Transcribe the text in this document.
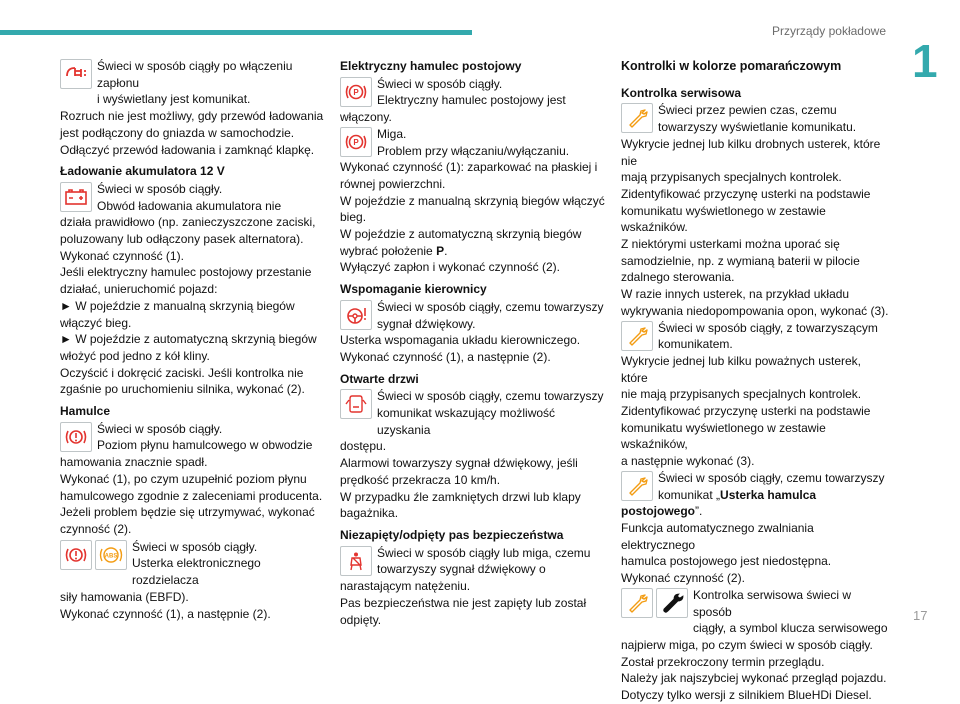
Przyrządy pokładowe
1
17
Świeci w sposób ciągły po włączeniu zapłonu
i wyświetlany jest komunikat.

Rozruch nie jest możliwy, gdy przewód ładowania

jest podłączony do gniazda w samochodzie.

Odłączyć przewód ładowania i zamknąć klapkę.

Ładowanie akumulatora 12 V
Świeci w sposób ciągły.
Obwód ładowania akumulatora nie

działa prawidłowo (np. zanieczyszczone zaciski,

poluzowany lub odłączony pasek alternatora).

Wykonać czynność (1).

Jeśli elektryczny hamulec postojowy przestanie

działać, unieruchomić pojazd:

► W pojeździe z manualną skrzynią biegów

włączyć bieg.

► W pojeździe z automatyczną skrzynią biegów

włożyć pod jedno z kół kliny.

Oczyścić i dokręcić zaciski. Jeśli kontrolka nie

zgaśnie po uruchomieniu silnika, wykonać (2).

Hamulce
Świeci w sposób ciągły.
Poziom płynu hamulcowego w obwodzie

hamowania znacznie spadł.

Wykonać (1), po czym uzupełnić poziom płynu

hamulcowego zgodnie z zaleceniami producenta.

Jeżeli problem będzie się utrzymywać, wykonać

czynność (2).

ABS
Świeci w sposób ciągły.
Usterka elektronicznego rozdzielacza

siły hamowania (EBFD).

Wykonać czynność (1), a następnie (2).

Elektryczny hamulec postojowy
P
Świeci w sposób ciągły.
Elektryczny hamulec postojowy jest

włączony.

P
Miga.
Problem przy włączaniu/wyłączaniu.

Wykonać czynność (1): zaparkować na płaskiej i

równej powierzchni.

W pojeździe z manualną skrzynią biegów włączyć

bieg.

W pojeździe z automatyczną skrzynią biegów

wybrać położenie P.

Wyłączyć zapłon i wykonać czynność (2).

Wspomaganie kierownicy
Świeci w sposób ciągły, czemu towarzyszy
sygnał dźwiękowy.

Usterka wspomagania układu kierowniczego.

Wykonać czynność (1), a następnie (2).

Otwarte drzwi
Świeci w sposób ciągły, czemu towarzyszy
komunikat wskazujący możliwość uzyskania

dostępu.

Alarmowi towarzyszy sygnał dźwiękowy, jeśli

prędkość przekracza 10 km/h.

W przypadku źle zamkniętych drzwi lub klapy

bagażnika.

Niezapięty/odpięty pas bezpieczeństwa
Świeci w sposób ciągły lub miga, czemu
towarzyszy sygnał dźwiękowy o

narastającym natężeniu.

Pas bezpieczeństwa nie jest zapięty lub został

odpięty.

Kontrolki w kolorze pomarańczowym
Kontrolka serwisowa
Świeci przez pewien czas, czemu
towarzyszy wyświetlanie komunikatu.

Wykrycie jednej lub kilku drobnych usterek, które nie

mają przypisanych specjalnych kontrolek.

Zidentyfikować przyczynę usterki na podstawie

komunikatu wyświetlonego w zestawie wskaźników.

Z niektórymi usterkami można uporać się

samodzielnie, np. z wymianą baterii w pilocie

zdalnego sterowania.

W razie innych usterek, na przykład układu

wykrywania niedopompowania opon, wykonać (3).

Świeci w sposób ciągły, z towarzyszącym
komunikatem.

Wykrycie jednej lub kilku poważnych usterek, które

nie mają przypisanych specjalnych kontrolek.

Zidentyfikować przyczynę usterki na podstawie

komunikatu wyświetlonego w zestawie wskaźników,

a następnie wykonać (3).

Świeci w sposób ciągły, czemu towarzyszy
komunikat „Usterka hamulca

postojowego”.

Funkcja automatycznego zwalniania elektrycznego

hamulca postojowego jest niedostępna.

Wykonać czynność (2).

Kontrolka serwisowa świeci w sposób
ciągły, a symbol klucza serwisowego

najpierw miga, po czym świeci w sposób ciągły.

Został przekroczony termin przeglądu.

Należy jak najszybciej wykonać przegląd pojazdu.

Dotyczy tylko wersji z silnikiem BlueHDi Diesel.
